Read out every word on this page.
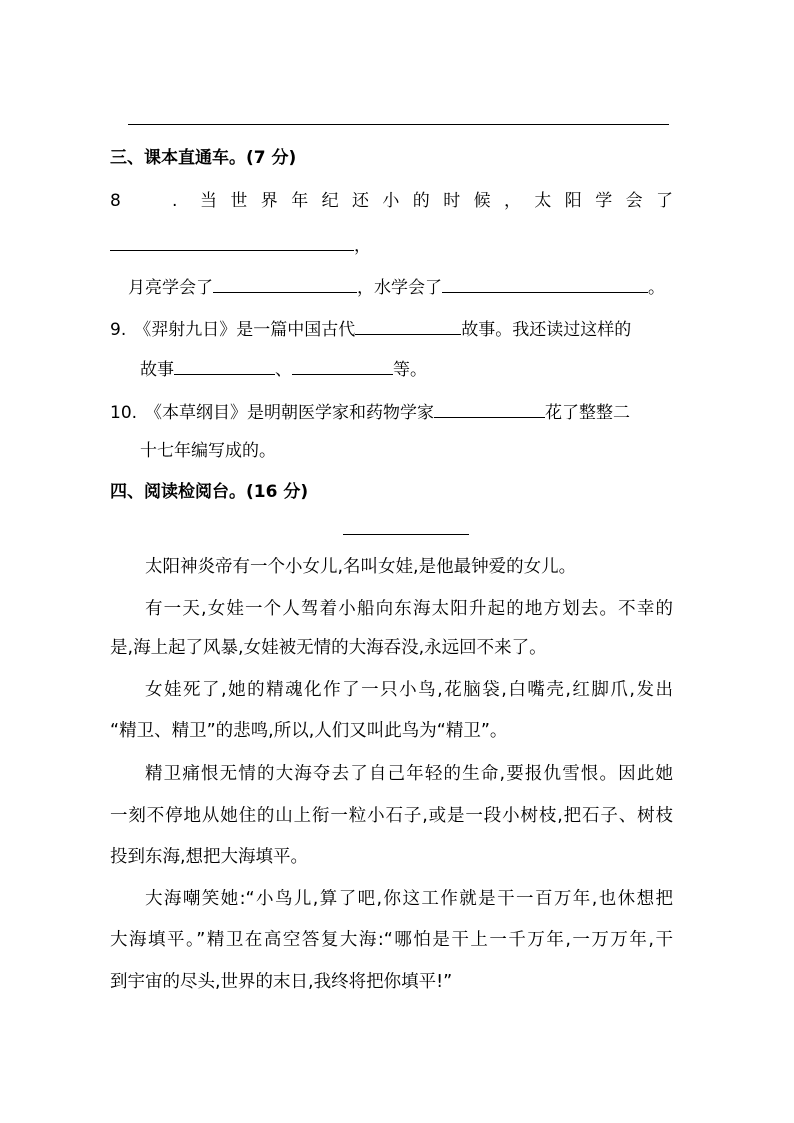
三、课本直通车。(7 分)
8	. 当世界年纪还小的时候，太阳学会了
，
月亮学会了	，水学会了	。
9. 《羿射九日》是一篇中国古代	故事。我还读过这样的
故事	、	等。
10. 《本草纲目》是明朝医学家和药物学家	花了整整二
十七年编写成的。
四、阅读检阅台。(16 分)
太阳神炎帝有一个小女儿,名叫女娃,是他最钟爱的女儿。
有一天,女娃一个人驾着小船向东海太阳升起的地方划去。不幸的
是,海上起了风暴,女娃被无情的大海吞没,永远回不来了。
女娃死了,她的精魂化作了一只小鸟,花脑袋,白嘴壳,红脚爪,发出
“精卫、精卫”的悲鸣,所以,人们又叫此鸟为“精卫”。
精卫痛恨无情的大海夺去了自己年轻的生命,要报仇雪恨。因此她
一刻不停地从她住的山上衔一粒小石子,或是一段小树枝,把石子、树枝
投到东海,想把大海填平。
大海嘲笑她:“小鸟儿,算了吧,你这工作就是干一百万年,也休想把
大海填平。”精卫在高空答复大海:“哪怕是干上一千万年,一万万年,干
到宇宙的尽头,世界的末日,我终将把你填平!”
